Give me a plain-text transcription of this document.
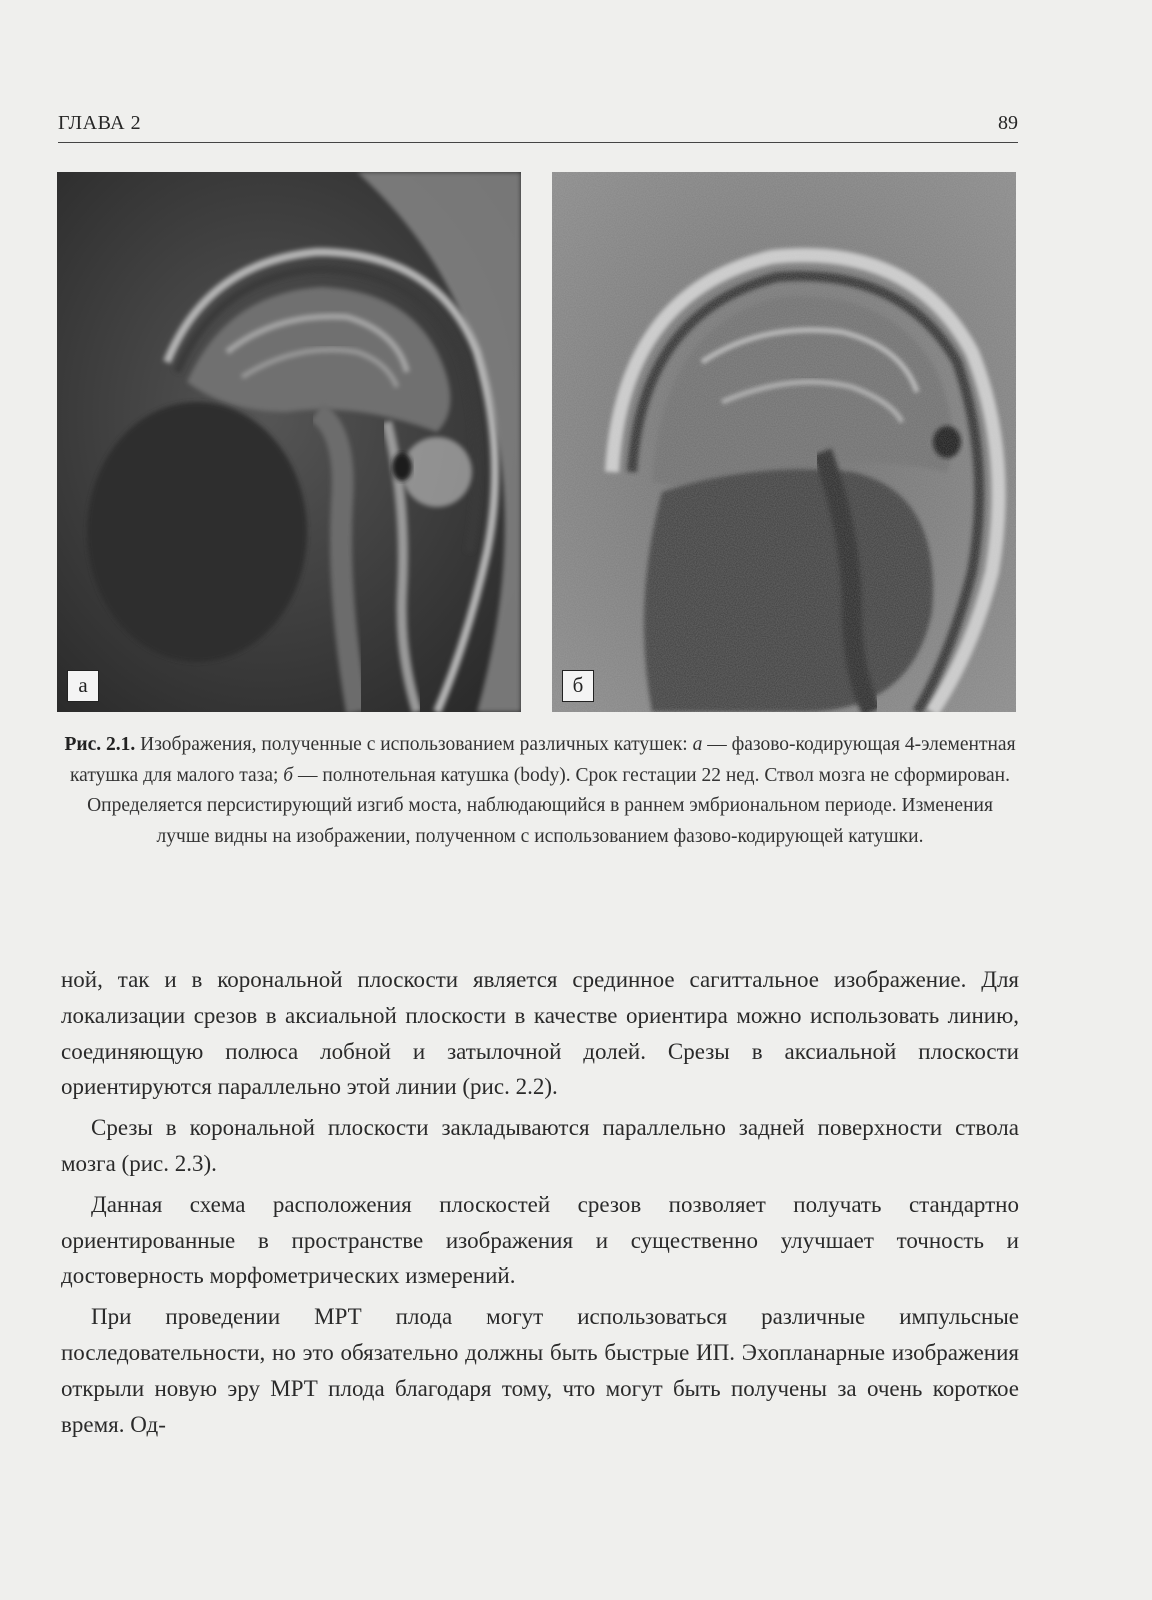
ГЛАВА 2	89
а	б
Рис. 2.1. Изображения, полученные с использованием различных катушек: а — фазово-кодирующая 4-элементная катушка для малого таза; б — полнотельная катушка (body). Срок гестации 22 нед. Ствол мозга не сформирован. Определяется персистирующий изгиб моста, наблюдающийся в раннем эмбриональном периоде. Изменения лучше видны на изображении, полученном с использованием фазово-кодирующей катушки.

ной, так и в корональной плоскости является срединное сагиттальное изображение. Для локализации срезов в аксиальной плоскости в качестве ориентира можно использовать линию, соединяющую полюса лобной и затылочной долей. Срезы в аксиальной плоскости ориентируются параллельно этой линии (рис. 2.2).

Срезы в корональной плоскости закладываются параллельно задней поверхности ствола мозга (рис. 2.3).

Данная схема расположения плоскостей срезов позволяет получать стандартно ориентированные в пространстве изображения и существенно улучшает точность и достоверность морфометрических измерений.

При проведении МРТ плода могут использоваться различные импульсные последовательности, но это обязательно должны быть быстрые ИП. Эхопланарные изображения открыли новую эру МРТ плода благодаря тому, что могут быть получены за очень короткое время. Од-
